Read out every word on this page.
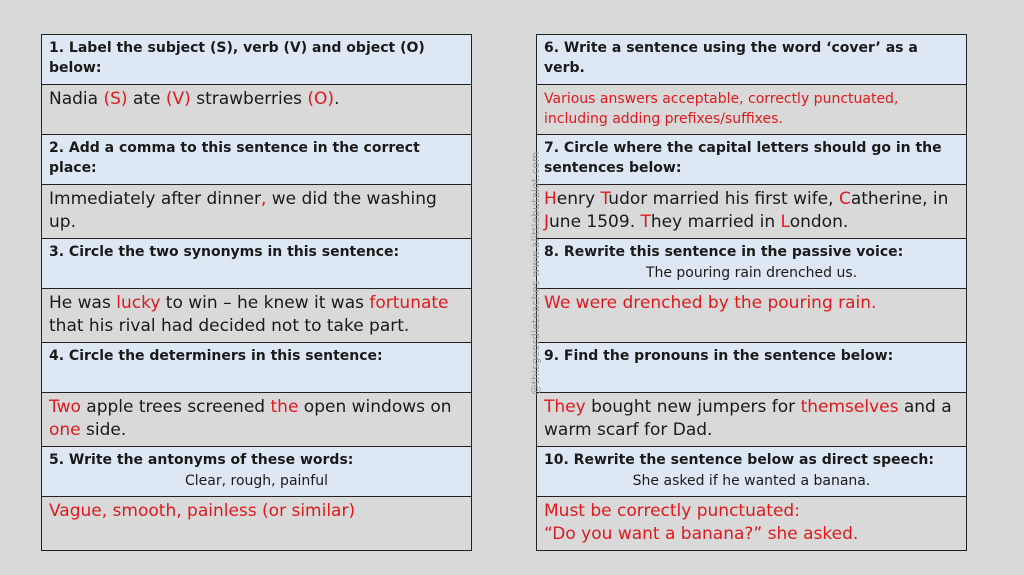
1. Label the subject (S), verb (V) and object (O) below:
Nadia (S) ate (V) strawberries (O).
2. Add a comma to this sentence in the correct place:
Immediately after dinner, we did the washing up.
3. Circle the two synonyms in this sentence:
He was lucky to win – he knew it was fortunate that his rival had decided not to take part.
4. Circle the determiners in this sentence:
Two apple trees screened the open windows on one side.
5. Write the antonyms of these words:
Clear, rough, painful

Vague, smooth, painless (or similar)
6. Write a sentence using the word ‘cover’ as a verb.
Various answers acceptable, correctly punctuated, including adding prefixes/suffixes.
7. Circle where the capital letters should go in the sentences below:
Henry Tudor married his first wife, Catherine, in June 1509. They married in London.
8. Rewrite this sentence in the passive voice:
The pouring rain drenched us.

We were drenched by the pouring rain.
9. Find the pronouns in the sentence below:
They bought new jumpers for themselves and a warm scarf for Dad.
10. Rewrite the sentence below as direct speech:
She asked if he wanted a banana.

Must be correctly punctuated:
“Do you want a banana?” she asked.
@thisgeordieteaches www.alittlebutalot.com
